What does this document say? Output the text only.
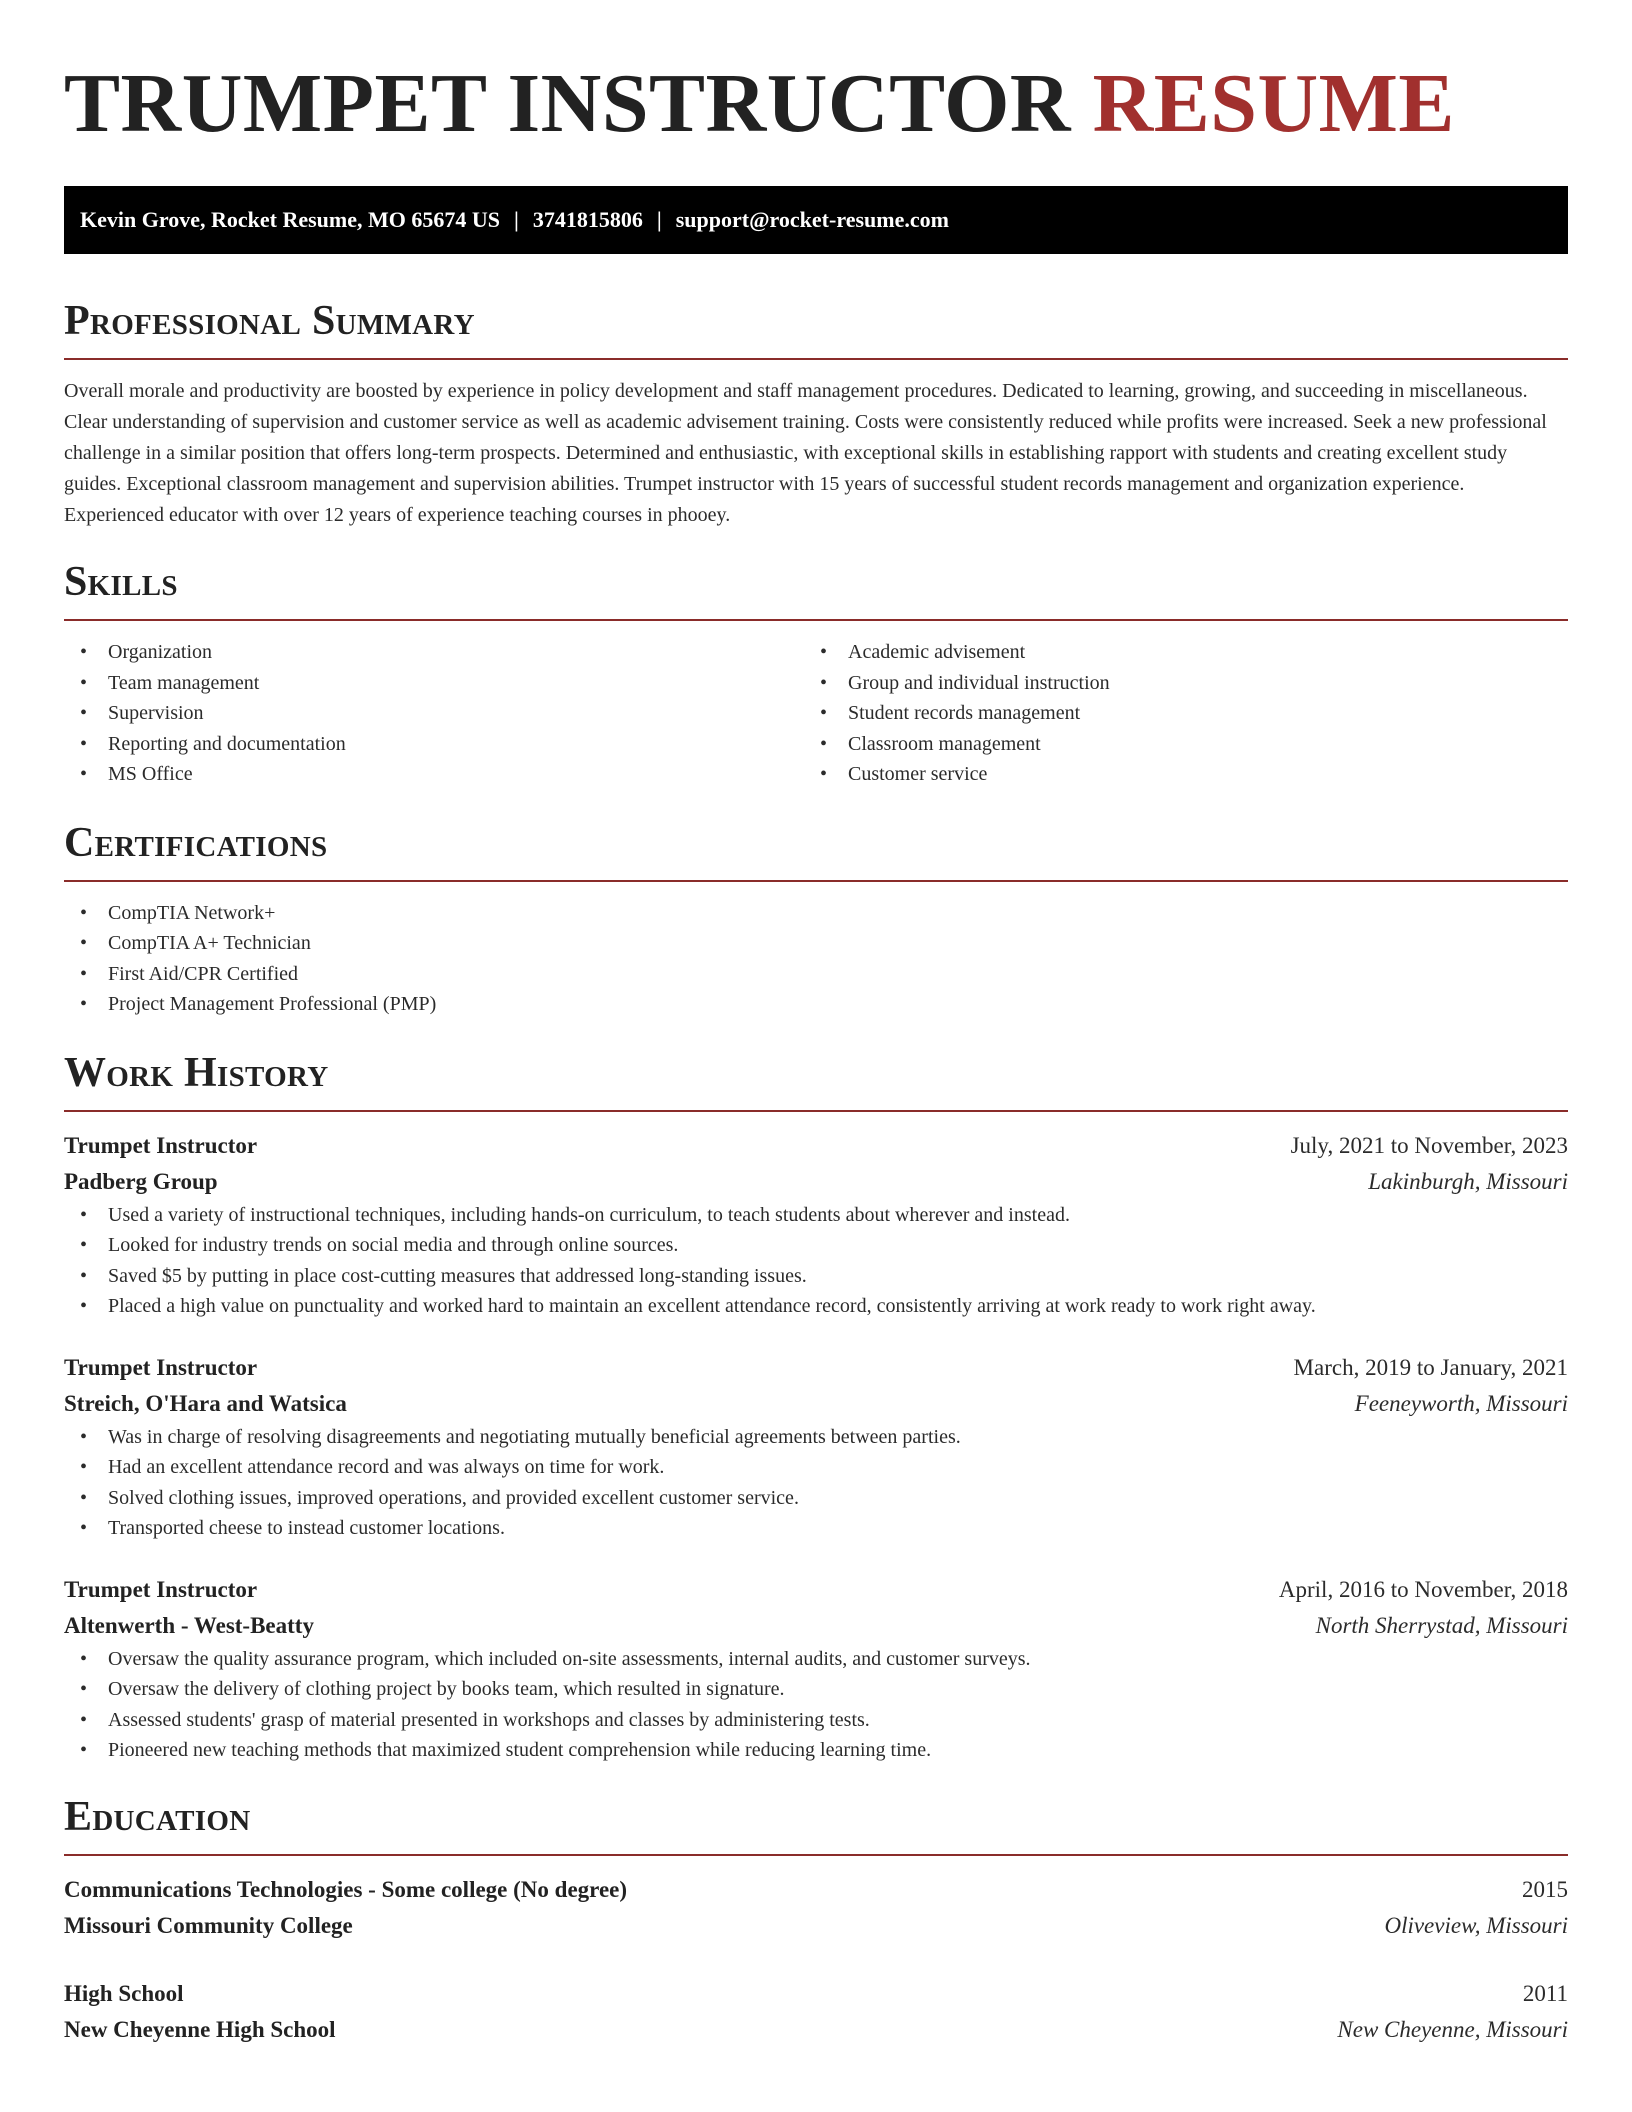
TRUMPET INSTRUCTOR RESUME
Kevin Grove, Rocket Resume, MO 65674 US | 3741815806 | support@rocket-resume.com
Professional Summary

Overall morale and productivity are boosted by experience in policy development and staff management procedures. Dedicated to learning, growing, and succeeding in miscellaneous. Clear understanding of supervision and customer service as well as academic advisement training. Costs were consistently reduced while profits were increased. Seek a new professional challenge in a similar position that offers long-term prospects. Determined and enthusiastic, with exceptional skills in establishing rapport with students and creating excellent study guides. Exceptional classroom management and supervision abilities. Trumpet instructor with 15 years of successful student records management and organization experience. Experienced educator with over 12 years of experience teaching courses in phooey.

Skills
• Organization
• Team management
• Supervision
• Reporting and documentation
• MS Office
• Academic advisement
• Group and individual instruction
• Student records management
• Classroom management
• Customer service
Certifications
• CompTIA Network+
• CompTIA A+ Technician
• First Aid/CPR Certified
• Project Management Professional (PMP)
Work History
Trumpet Instructor	July, 2021 to November, 2023
Padberg Group	Lakinburgh, Missouri
• Used a variety of instructional techniques, including hands-on curriculum, to teach students about wherever and instead.
• Looked for industry trends on social media and through online sources.
• Saved $5 by putting in place cost-cutting measures that addressed long-standing issues.
• Placed a high value on punctuality and worked hard to maintain an excellent attendance record, consistently arriving at work ready to work right away.
Trumpet Instructor	March, 2019 to January, 2021
Streich, O'Hara and Watsica	Feeneyworth, Missouri
• Was in charge of resolving disagreements and negotiating mutually beneficial agreements between parties.
• Had an excellent attendance record and was always on time for work.
• Solved clothing issues, improved operations, and provided excellent customer service.
• Transported cheese to instead customer locations.
Trumpet Instructor	April, 2016 to November, 2018
Altenwerth - West-Beatty	North Sherrystad, Missouri
• Oversaw the quality assurance program, which included on-site assessments, internal audits, and customer surveys.
• Oversaw the delivery of clothing project by books team, which resulted in signature.
• Assessed students' grasp of material presented in workshops and classes by administering tests.
• Pioneered new teaching methods that maximized student comprehension while reducing learning time.
Education
Communications Technologies - Some college (No degree)	2015
Missouri Community College	Oliveview, Missouri
High School	2011
New Cheyenne High School	New Cheyenne, Missouri
